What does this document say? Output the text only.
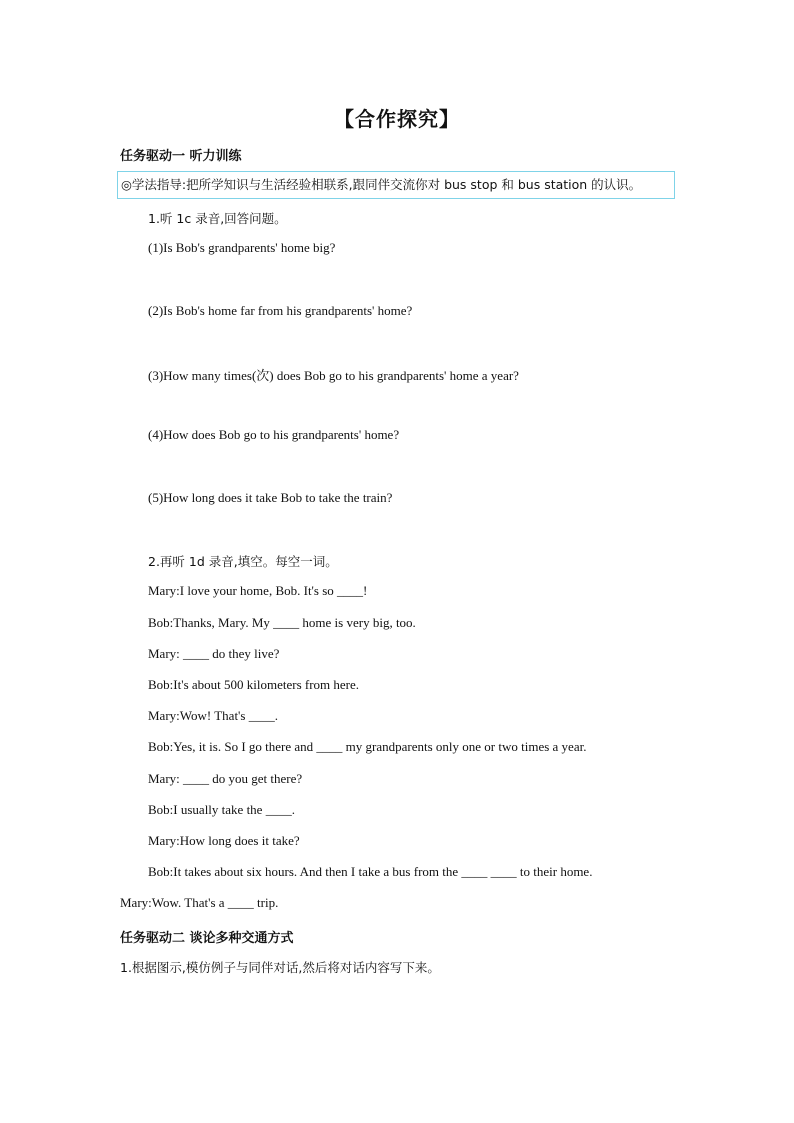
【合作探究】
任务驱动一 听力训练
◎学法指导:把所学知识与生活经验相联系,跟同伴交流你对 bus stop 和 bus station 的认识。
1.听 1c 录音,回答问题。
(1)Is Bob's grandparents' home big?
(2)Is Bob's home far from his grandparents' home?
(3)How many times(次) does Bob go to his grandparents' home a year?
(4)How does Bob go to his grandparents' home?
(5)How long does it take Bob to take the train?
2.再听 1d 录音,填空。每空一词。
Mary:I love your home, Bob. It's so ____!
Bob:Thanks, Mary. My ____ home is very big, too.
Mary: ____ do they live?
Bob:It's about 500 kilometers from here.
Mary:Wow! That's ____.
Bob:Yes, it is. So I go there and ____ my grandparents only one or two times a year.
Mary: ____ do you get there?
Bob:I usually take the ____.
Mary:How long does it take?
Bob:It takes about six hours. And then I take a bus from the ____ ____ to their home.
Mary:Wow. That's a ____ trip.
任务驱动二 谈论多种交通方式
1.根据图示,模仿例子与同伴对话,然后将对话内容写下来。
